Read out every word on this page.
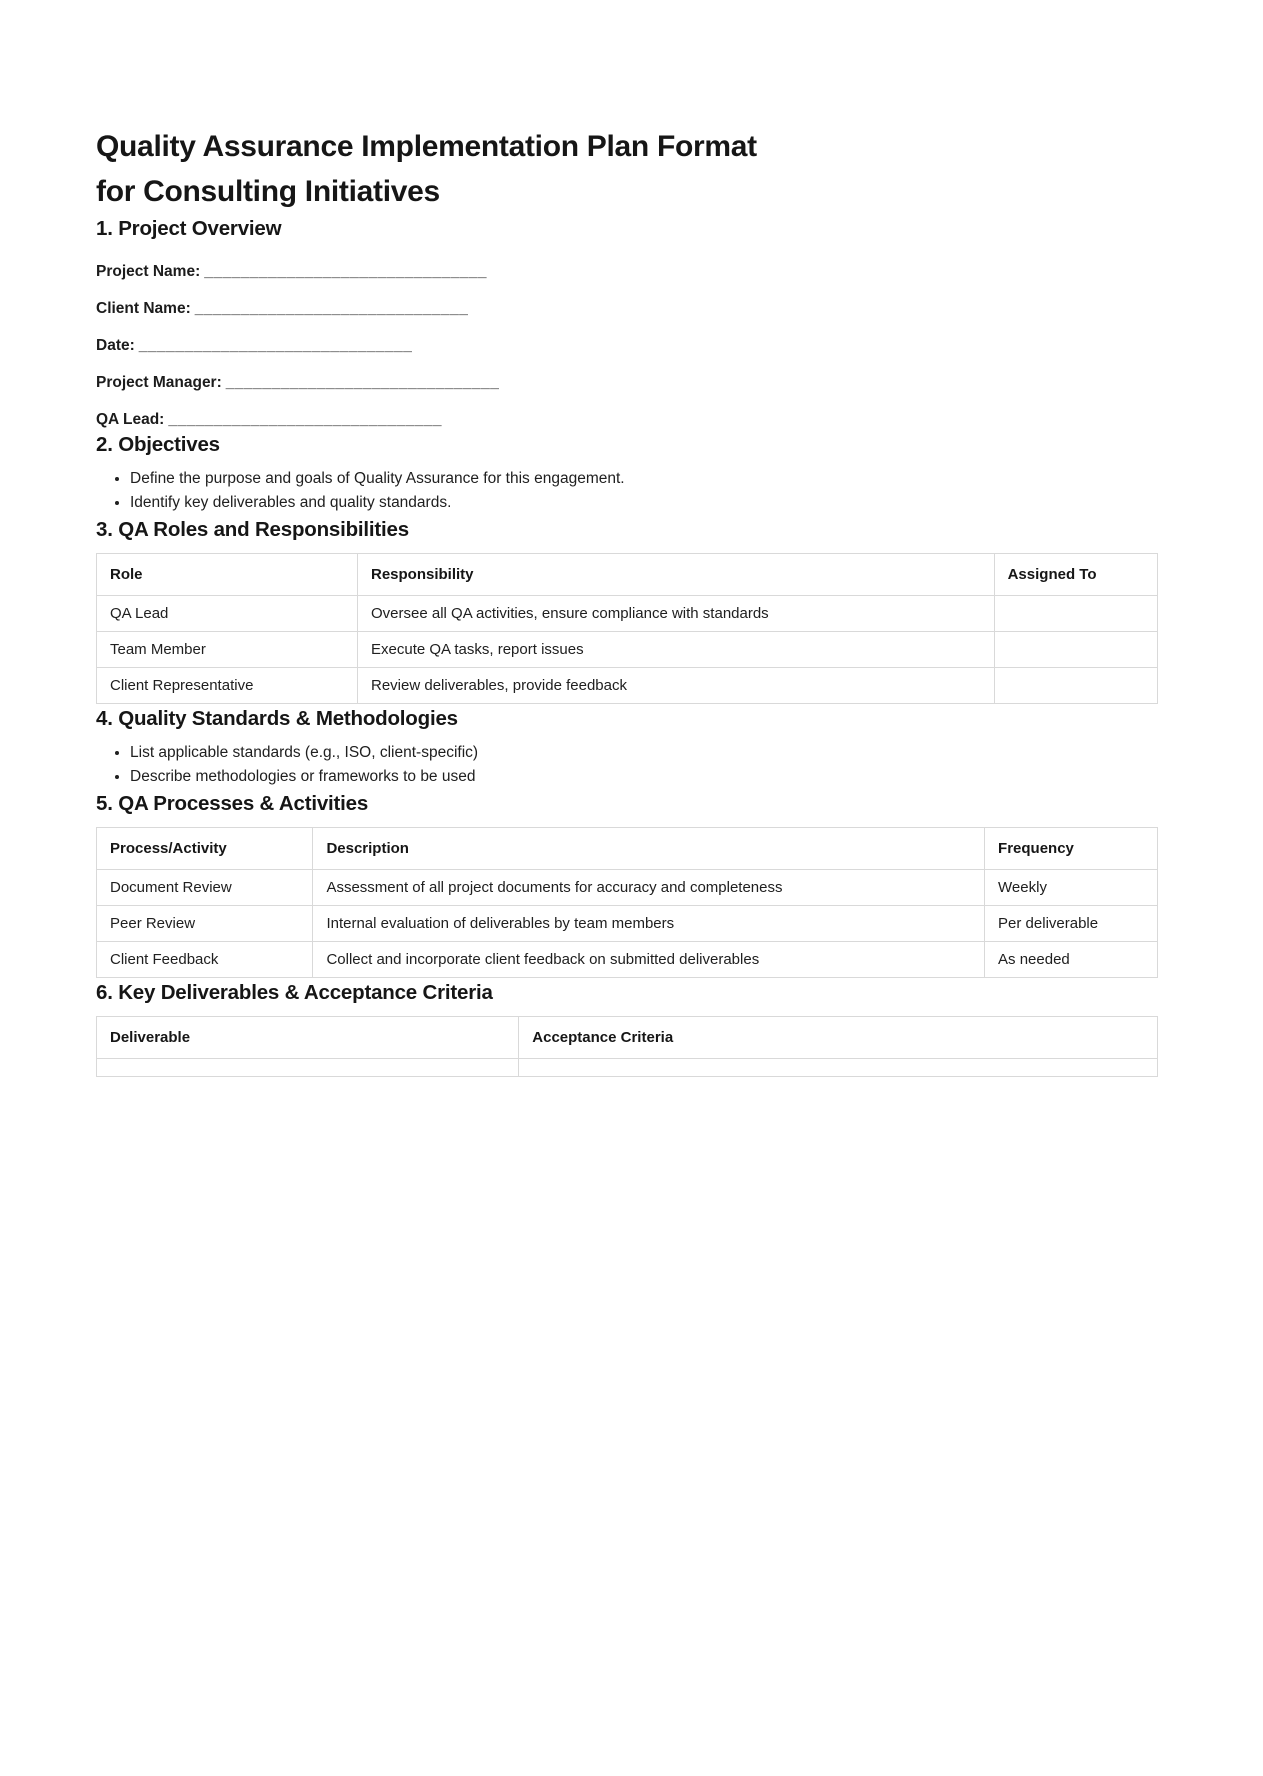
Quality Assurance Implementation Plan Format
for Consulting Initiatives
1. Project Overview

Project Name: _______________________________

Client Name: ______________________________

Date: ______________________________

Project Manager: ______________________________

QA Lead: ______________________________

2. Objectives
• Define the purpose and goals of Quality Assurance for this engagement.
• Identify key deliverables and quality standards.
3. QA Roles and Responsibilities
Role	Responsibility	Assigned To
QA Lead	Oversee all QA activities, ensure compliance with standards	
Team Member	Execute QA tasks, report issues	
Client Representative	Review deliverables, provide feedback	
4. Quality Standards & Methodologies
• List applicable standards (e.g., ISO, client-specific)
• Describe methodologies or frameworks to be used
5. QA Processes & Activities
Process/Activity	Description	Frequency
Document Review	Assessment of all project documents for accuracy and completeness	Weekly
Peer Review	Internal evaluation of deliverables by team members	Per deliverable
Client Feedback	Collect and incorporate client feedback on submitted deliverables	As needed
6. Key Deliverables & Acceptance Criteria
Deliverable	Acceptance Criteria
